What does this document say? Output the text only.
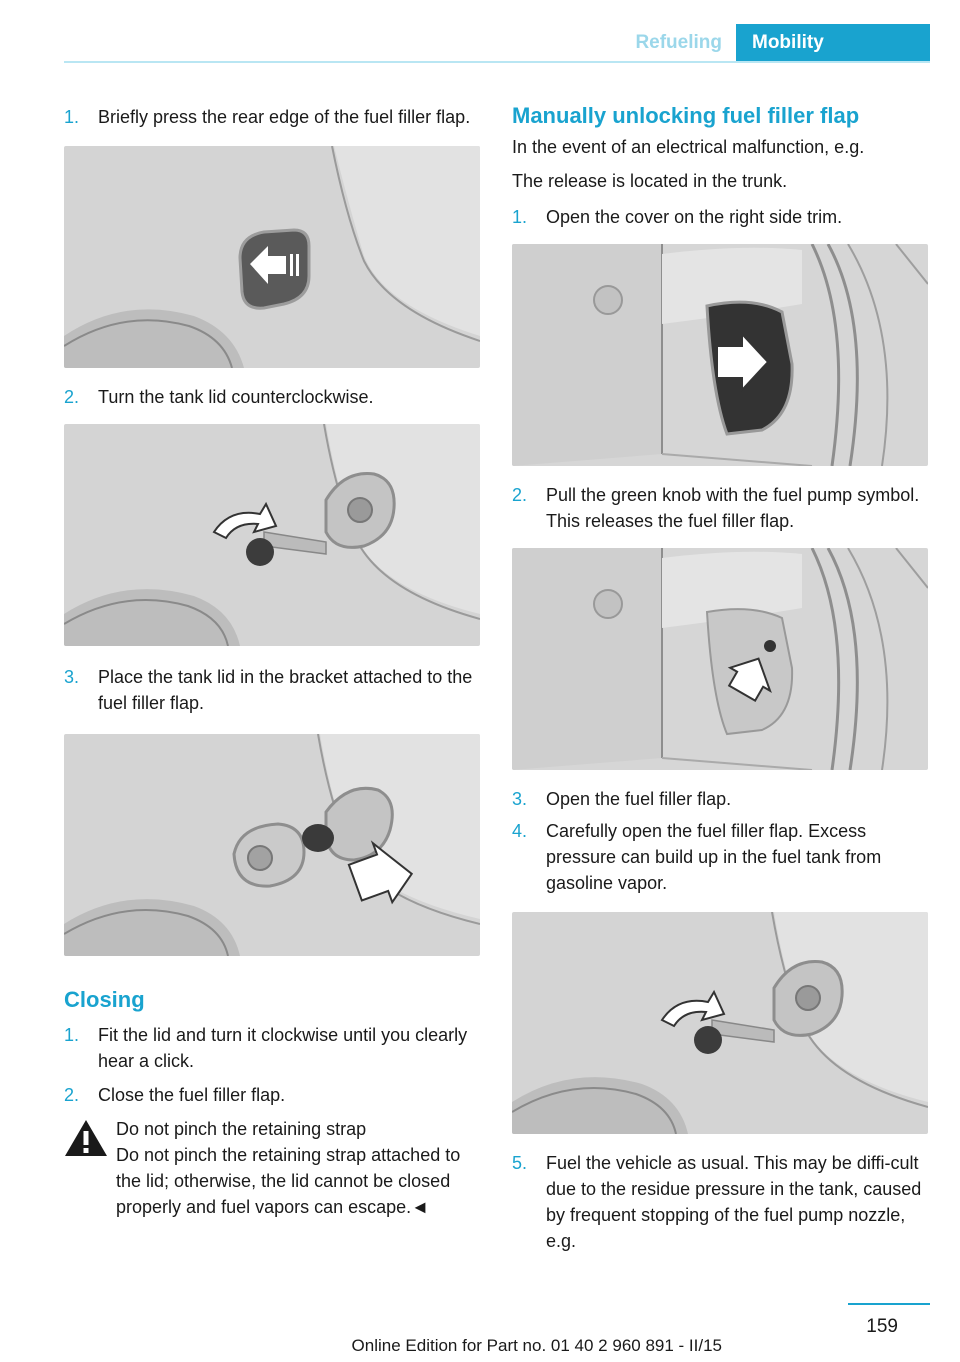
Refueling	Mobility
1.	Briefly press the rear edge of the fuel filler flap.
2.	Turn the tank lid counterclockwise.
3.	Place the tank lid in the bracket attached to the fuel filler flap.
Closing
1.	Fit the lid and turn it clockwise until you clearly hear a click.
2.	Close the fuel filler flap.
Do not pinch the retaining strap
Do not pinch the retaining strap attached to the lid; otherwise, the lid cannot be closed properly and fuel vapors can escape.◄
Manually unlocking fuel filler flap
In the event of an electrical malfunction, e.g.
The release is located in the trunk.
1.	Open the cover on the right side trim.
2.	Pull the green knob with the fuel pump symbol. This releases the fuel filler flap.
3.	Open the fuel filler flap.
4.	Carefully open the fuel filler flap. Excess pressure can build up in the fuel tank from gasoline vapor.
5.	Fuel the vehicle as usual. This may be diffi‐cult due to the residue pressure in the tank, caused by frequent stopping of the fuel pump nozzle, e.g.
159
Online Edition for Part no. 01 40 2 960 891 - II/15
